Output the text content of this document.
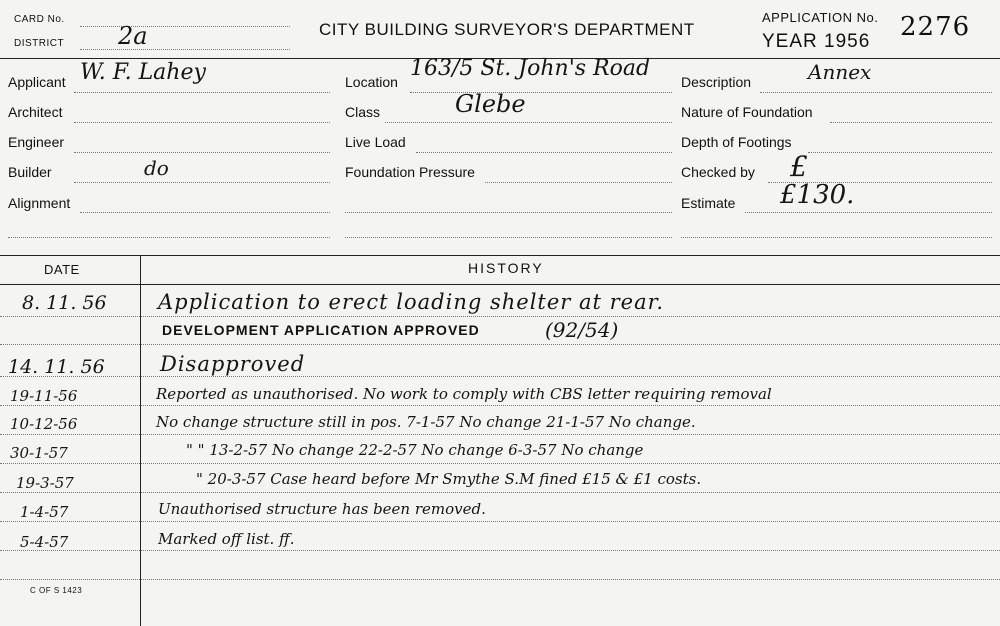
CARD No.
DISTRICT 2a	CITY BUILDING SURVEYOR'S DEPARTMENT
APPLICATION No.
YEAR 1956 2276
Applicant W. F. Lahey
Architect
Engineer
Builder	do
Alignment
Location
163/5 St. John's Road
Class	Glebe
Live Load
Foundation Pressure
Description	Annex
Nature of Foundation
Depth of Footings
Checked by £
Estimate £130.
DATE	HISTORY
8. 11. 56 Application to erect loading shelter at rear.
DEVELOPMENT APPLICATION APPROVED	(92/54)
14. 11. 56	Disapproved
19-11-56	Reported as unauthorised. No work to comply with CBS letter requiring removal
10-12-56	No change structure still in pos. 7-1-57 No change 21-1-57 No change.
30-1-57	" " 13-2-57 No change 22-2-57 No change 6-3-57 No change
19-3-57	" 20-3-57 Case heard before Mr Smythe S.M fined £15 & £1 costs.
1-4-57	Unauthorised structure has been removed.
5-4-57	Marked off list. ff.
C OF S 1423
